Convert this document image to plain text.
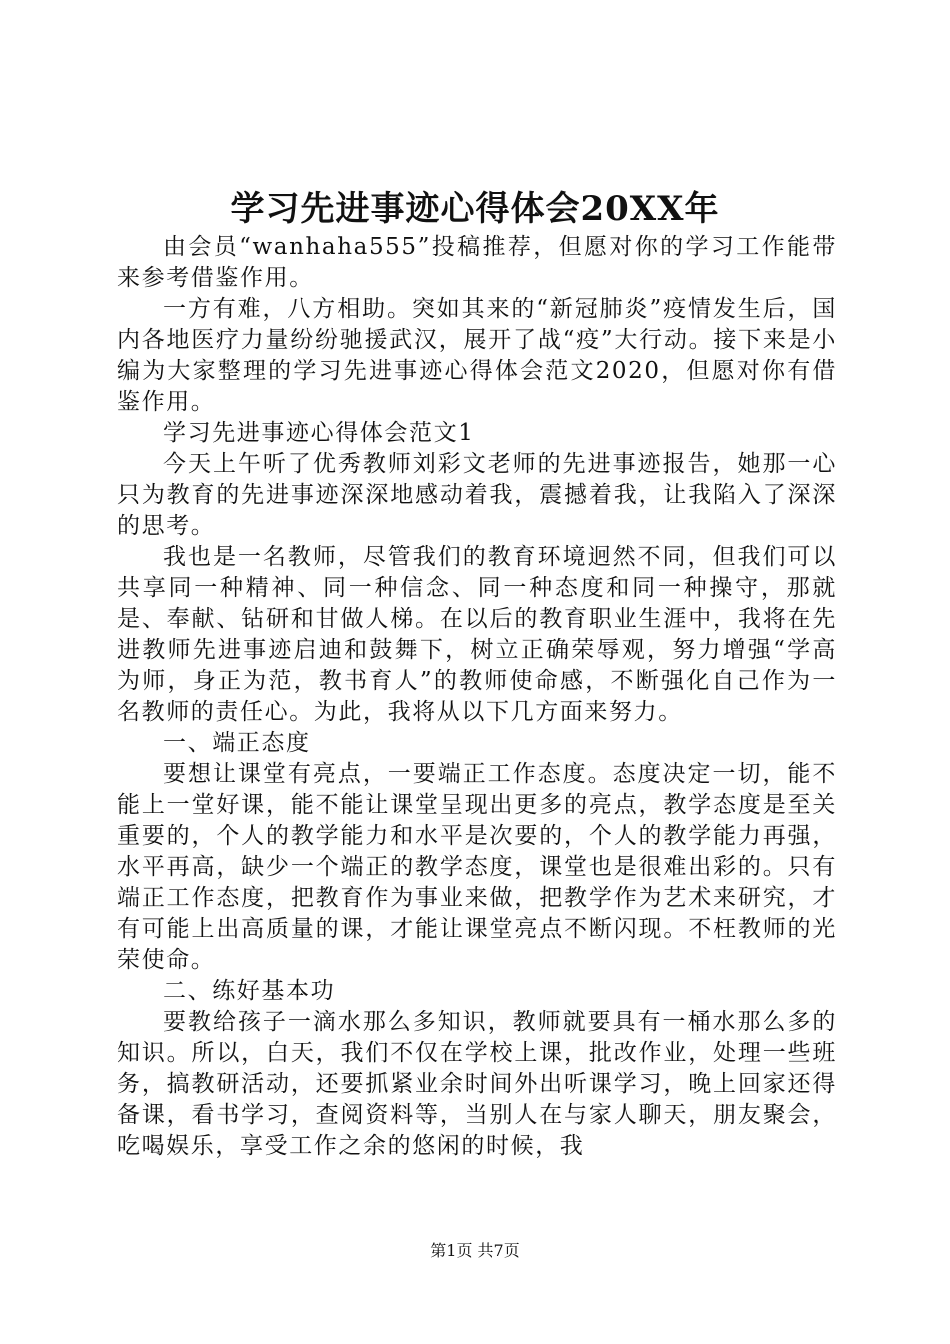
学习先进事迹心得体会20XX年

由会员“wanhaha555”投稿推荐，但愿对你的学习工作能带来参考借鉴作用。

一方有难，八方相助。突如其来的“新冠肺炎”疫情发生后，国内各地医疗力量纷纷驰援武汉，展开了战“疫”大行动。接下来是小编为大家整理的学习先进事迹心得体会范文2020，但愿对你有借鉴作用。

学习先进事迹心得体会范文1

今天上午听了优秀教师刘彩文老师的先进事迹报告，她那一心只为教育的先进事迹深深地感动着我，震撼着我，让我陷入了深深的思考。

我也是一名教师，尽管我们的教育环境迥然不同，但我们可以共享同一种精神、同一种信念、同一种态度和同一种操守，那就是、奉献、钻研和甘做人梯。在以后的教育职业生涯中，我将在先进教师先进事迹启迪和鼓舞下，树立正确荣辱观，努力增强“学高为师，身正为范，教书育人”的教师使命感，不断强化自己作为一名教师的责任心。为此，我将从以下几方面来努力。

一、端正态度

要想让课堂有亮点，一要端正工作态度。态度决定一切，能不能上一堂好课，能不能让课堂呈现出更多的亮点，教学态度是至关重要的，个人的教学能力和水平是次要的，个人的教学能力再强，水平再高，缺少一个端正的教学态度，课堂也是很难出彩的。只有端正工作态度，把教育作为事业来做，把教学作为艺术来研究，才有可能上出高质量的课，才能让课堂亮点不断闪现。不枉教师的光荣使命。

二、练好基本功

要教给孩子一滴水那么多知识，教师就要具有一桶水那么多的知识。所以，白天，我们不仅在学校上课，批改作业，处理一些班务，搞教研活动，还要抓紧业余时间外出听课学习，晚上回家还得备课，看书学习，查阅资料等，当别人在与家人聊天，朋友聚会，吃喝娱乐，享受工作之余的悠闲的时候，我

第1页 共7页
